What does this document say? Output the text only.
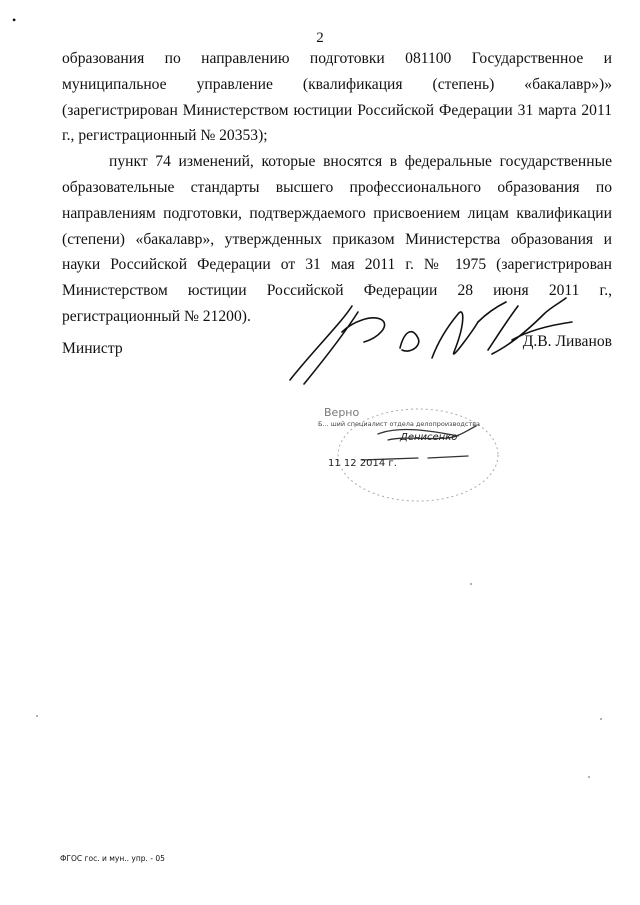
•
2

образования по направлению подготовки 081100 Государственное и муниципальное управление (квалификация (степень) «бакалавр»)» (зарегистрирован Министерством юстиции Российской Федерации 31 марта 2011 г., регистрационный № 20353);

пункт 74 изменений, которые вносятся в федеральные государственные образовательные стандарты высшего профессионального образования по направлениям подготовки, подтверждаемого присвоением лицам квалификации (степени) «бакалавр», утвержденных приказом Министерства образования и науки Российской Федерации от 31 мая 2011 г. № 1975 (зарегистрирован Министерством юстиции Российской Федерации 28 июня 2011 г., регистрационный № 21200).

Министр	Д.В. Ливанов
Верно
Б... ший специалист отдела делопроизводства
Денисенко
11 12 2014 г.
ФГОС гос. и мун.. упр. - 05
